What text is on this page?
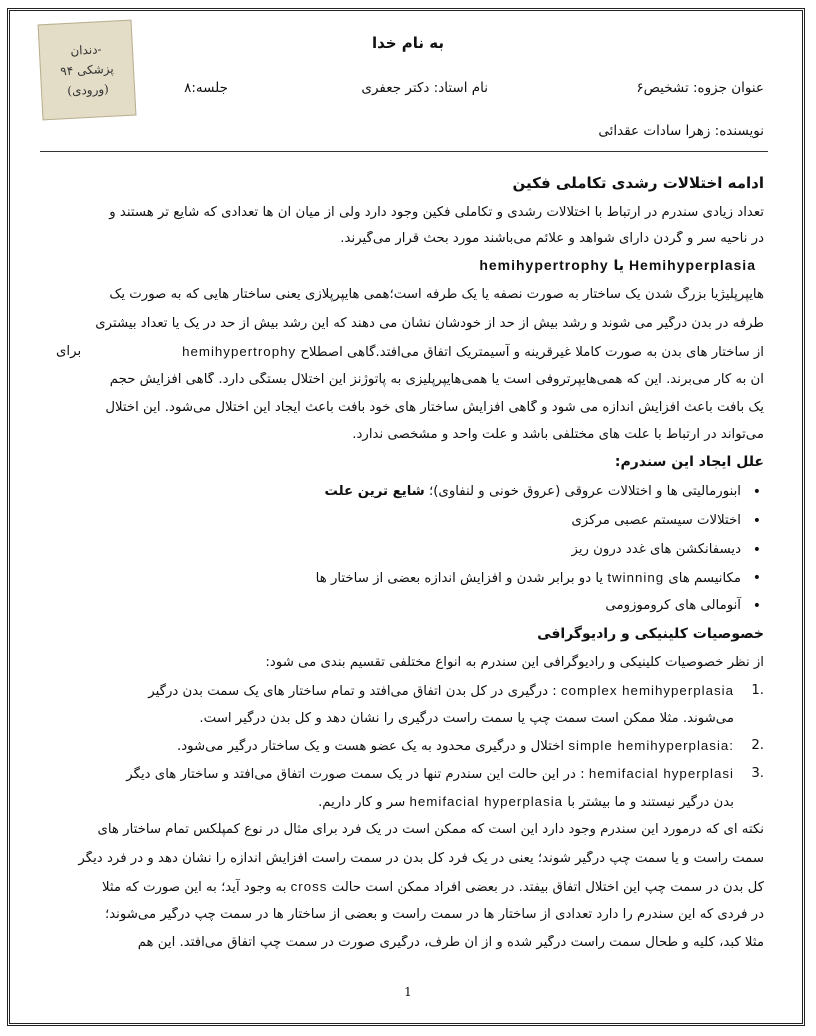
دندان-
پزشکی ۹۴
(ورودی)
به نام خدا
عنوان جزوه: تشخیص۶
نام استاد: دکتر جعفری
جلسه:۸
نویسنده: زهرا سادات عقدائی
ادامه اختلالات رشدی تکاملی فکین
تعداد زیادی سندرم در ارتباط با اختلالات رشدی و تکاملی فکین وجود دارد ولی از میان آن ها تعدادی که شایع تر هستند و
در ناحیه سر و گردن دارای شواهد و علائم می‌باشند مورد بحث قرار می‌گیرند.
Hemihyperplasia یا hemihypertrophy
هایپرپلیژیا بزرگ شدن یک ساختار به صورت نصفه یا یک طرفه است؛همی هایپرپلازی یعنی ساختار هایی که به صورت یک
طرفه در بدن درگیر می شوند و رشد بیش از حد از خودشان نشان می دهند که این رشد بیش از حد در یک یا تعداد بیشتری
از ساختار های بدن به صورت کاملا غیرقرینه و آسیمتریک اتفاق می‌افتد.گاهی اصطلاح hemihypertrophy
برای
آن به کار می‌برند. این که همی‌هایپرتروفی است یا همی‌هایپرپلیزی به پاتوژنز این اختلال بستگی دارد. گاهی افزایش حجم
یک بافت باعث افزایش اندازه می شود و گاهی افزایش ساختار های خود بافت باعث ایجاد این اختلال می‌شود. این اختلال
می‌تواند در ارتباط با علت های مختلفی باشد و علت واحد و مشخصی ندارد.
علل ایجاد این سندرم:
• ابنورمالیتی ها و اختلالات عروقی (عروق خونی و لنفاوی)؛ شایع ترین علت
• اختلالات سیستم عصبی مرکزی
• دیسفانکشن های غدد درون ریز
• مکانیسم های twinning یا دو برابر شدن و افزایش اندازه بعضی از ساختار ها
• آنومالی های کروموزومی
خصوصیات کلینیکی و رادیوگرافی
از نظر خصوصیات کلینیکی و رادیوگرافی این سندرم به انواع مختلفی تقسیم بندی می شود:
1.
complex hemihyperplasia : درگیری در کل بدن اتفاق می‌افتد و تمام ساختار های یک سمت بدن درگیر
می‌شوند. مثلا ممکن است سمت چپ یا سمت راست درگیری را نشان دهد و کل بدن درگیر است.
2.
simple hemihyperplasia: اختلال و درگیری محدود به یک عضو هست و یک ساختار درگیر می‌شود.
3.
hemifacial hyperplasi : در این حالت این سندرم تنها در یک سمت صورت اتفاق می‌افتد و ساختار های دیگر
بدن درگیر نیستند و ما بیشتر با hemifacial hyperplasia سر و کار داریم.
نکته ای که درمورد این سندرم وجود دارد این است که ممکن است در یک فرد برای مثال در نوع کمپلکس تمام ساختار های
سمت راست و یا سمت چپ درگیر شوند؛ یعنی در یک فرد کل بدن در سمت راست افزایش اندازه را نشان دهد و در فرد دیگر
کل بدن در سمت چپ این اختلال اتفاق بیفتد. در بعضی افراد ممکن است حالت cross به وجود آید؛ به این صورت که مثلا
در فردی که این سندرم را دارد تعدادی از ساختار ها در سمت راست و بعضی از ساختار ها در سمت چپ درگیر می‌شوند؛
مثلا کبد، کلیه و طحال سمت راست درگیر شده و از آن طرف، درگیری صورت در سمت چپ اتفاق می‌افتد. این هم
1
